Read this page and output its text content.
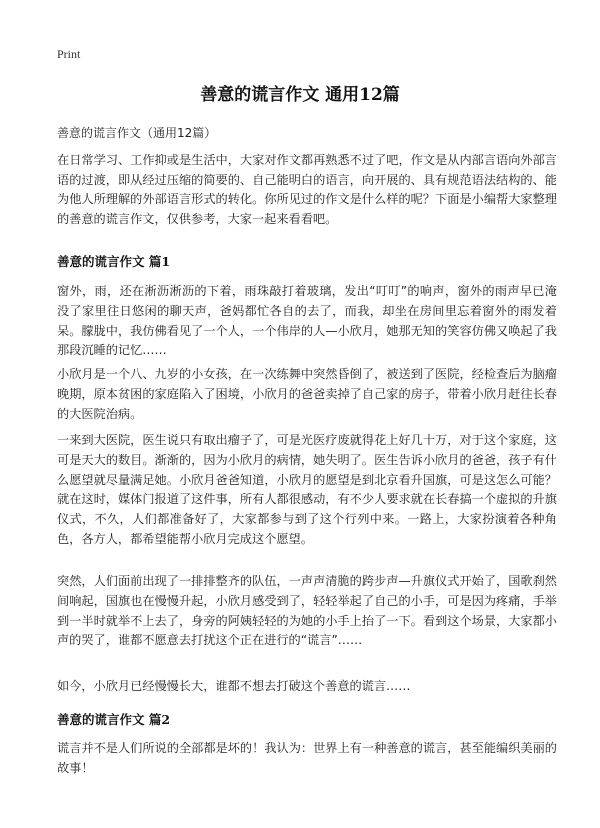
Print
善意的谎言作文 通用12篇
善意的谎言作文（通用12篇）

在日常学习、工作抑或是生活中，大家对作文都再熟悉不过了吧，作文是从内部言语向外部言语的过渡，即从经过压缩的简要的、自己能明白的语言，向开展的、具有规范语法结构的、能为他人所理解的外部语言形式的转化。你所见过的作文是什么样的呢？下面是小编帮大家整理的善意的谎言作文，仅供参考，大家一起来看看吧。

善意的谎言作文 篇1

窗外，雨，还在淅沥淅沥的下着，雨珠敲打着玻璃，发出“叮叮”的响声，窗外的雨声早已淹没了家里往日悠闲的聊天声，爸妈都忙各自的去了，而我，却坐在房间里忘着窗外的雨发着呆。朦胧中，我仿佛看见了一个人，一个伟岸的人—小欣月，她那无知的笑容仿佛又唤起了我那段沉睡的记忆……

小欣月是一个八、九岁的小女孩，在一次练舞中突然昏倒了，被送到了医院，经检查后为脑瘤晚期，原本贫困的家庭陷入了困境，小欣月的爸爸卖掉了自己家的房子，带着小欣月赶往长春的大医院治病。

一来到大医院，医生说只有取出瘤子了，可是光医疗废就得花上好几十万，对于这个家庭，这可是天大的数目。渐渐的，因为小欣月的病情，她失明了。医生告诉小欣月的爸爸，孩子有什么愿望就尽量满足她。小欣月爸爸知道，小欣月的愿望是到北京看升国旗，可是这怎么可能？就在这时，媒体门报道了这件事，所有人都很感动，有不少人要求就在长春搞一个虚拟的升旗仪式，不久，人们都准备好了，大家都参与到了这个行列中来。一路上，大家扮演着各种角色，各方人，都希望能帮小欣月完成这个愿望。

突然，人们面前出现了一排排整齐的队伍，一声声清脆的跨步声—升旗仪式开始了，国歌刹然间响起，国旗也在慢慢升起，小欣月感受到了，轻轻举起了自己的小手，可是因为疼痛，手举到一半时就举不上去了，身旁的阿姨轻轻的为她的小手上抬了一下。看到这个场景，大家都小声的哭了，谁都不愿意去打扰这个正在进行的“谎言”……

如今，小欣月已经慢慢长大，谁都不想去打破这个善意的谎言……

善意的谎言作文 篇2

谎言并不是人们所说的全部都是坏的！我认为：世界上有一种善意的谎言，甚至能编织美丽的故事！
